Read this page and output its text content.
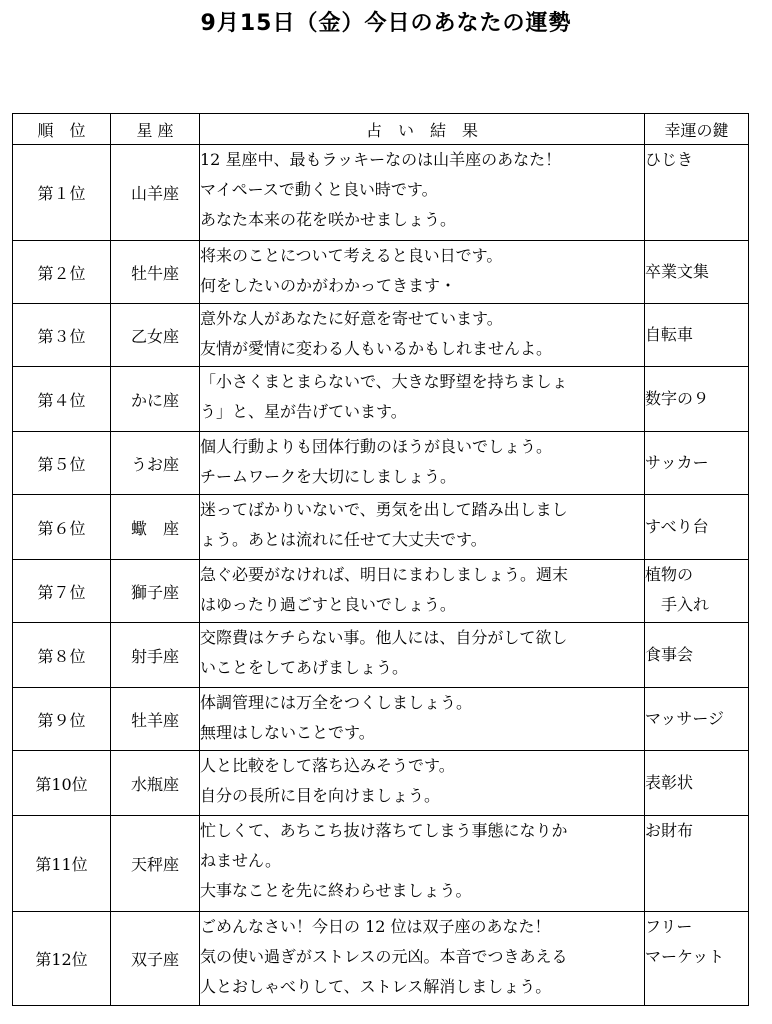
9月15日（金）今日のあなたの運勢
順　位	星 座	占　い　結　果	幸運の鍵
第１位	山羊座	12 星座中、最もラッキーなのは山羊座のあなた！
マイペースで動くと良い時です。
あなた本来の花を咲かせましょう。	ひじき

第２位	牡牛座	将来のことについて考えると良い日です。
何をしたいのかがわかってきます・	卒業文集

第３位	乙女座	意外な人があなたに好意を寄せています。
友情が愛情に変わる人もいるかもしれませんよ。	自転車

第４位	かに座	「小さくまとまらないで、大きな野望を持ちましょ
う」と、星が告げています。	数字の９

第５位	うお座	個人行動よりも団体行動のほうが良いでしょう。
チームワークを大切にしましょう。	サッカー

第６位	蠍　座	迷ってばかりいないで、勇気を出して踏み出しまし
ょう。あとは流れに任せて大丈夫です。	すべり台

第７位	獅子座	急ぐ必要がなければ、明日にまわしましょう。週末
はゆったり過ごすと良いでしょう。	植物の
　手入れ

第８位	射手座	交際費はケチらない事。他人には、自分がして欲し
いことをしてあげましょう。	食事会

第９位	牡羊座	体調管理には万全をつくしましょう。
無理はしないことです。	マッサージ

第10位	水瓶座	人と比較をして落ち込みそうです。
自分の長所に目を向けましょう。	表彰状

第11位	天秤座	忙しくて、あちこち抜け落ちてしまう事態になりか
ねません。
大事なことを先に終わらせましょう。	お財布

第12位	双子座	ごめんなさい！今日の 12 位は双子座のあなた！
気の使い過ぎがストレスの元凶。本音でつきあえる
人とおしゃべりして、ストレス解消しましょう。	フリー
マーケット
